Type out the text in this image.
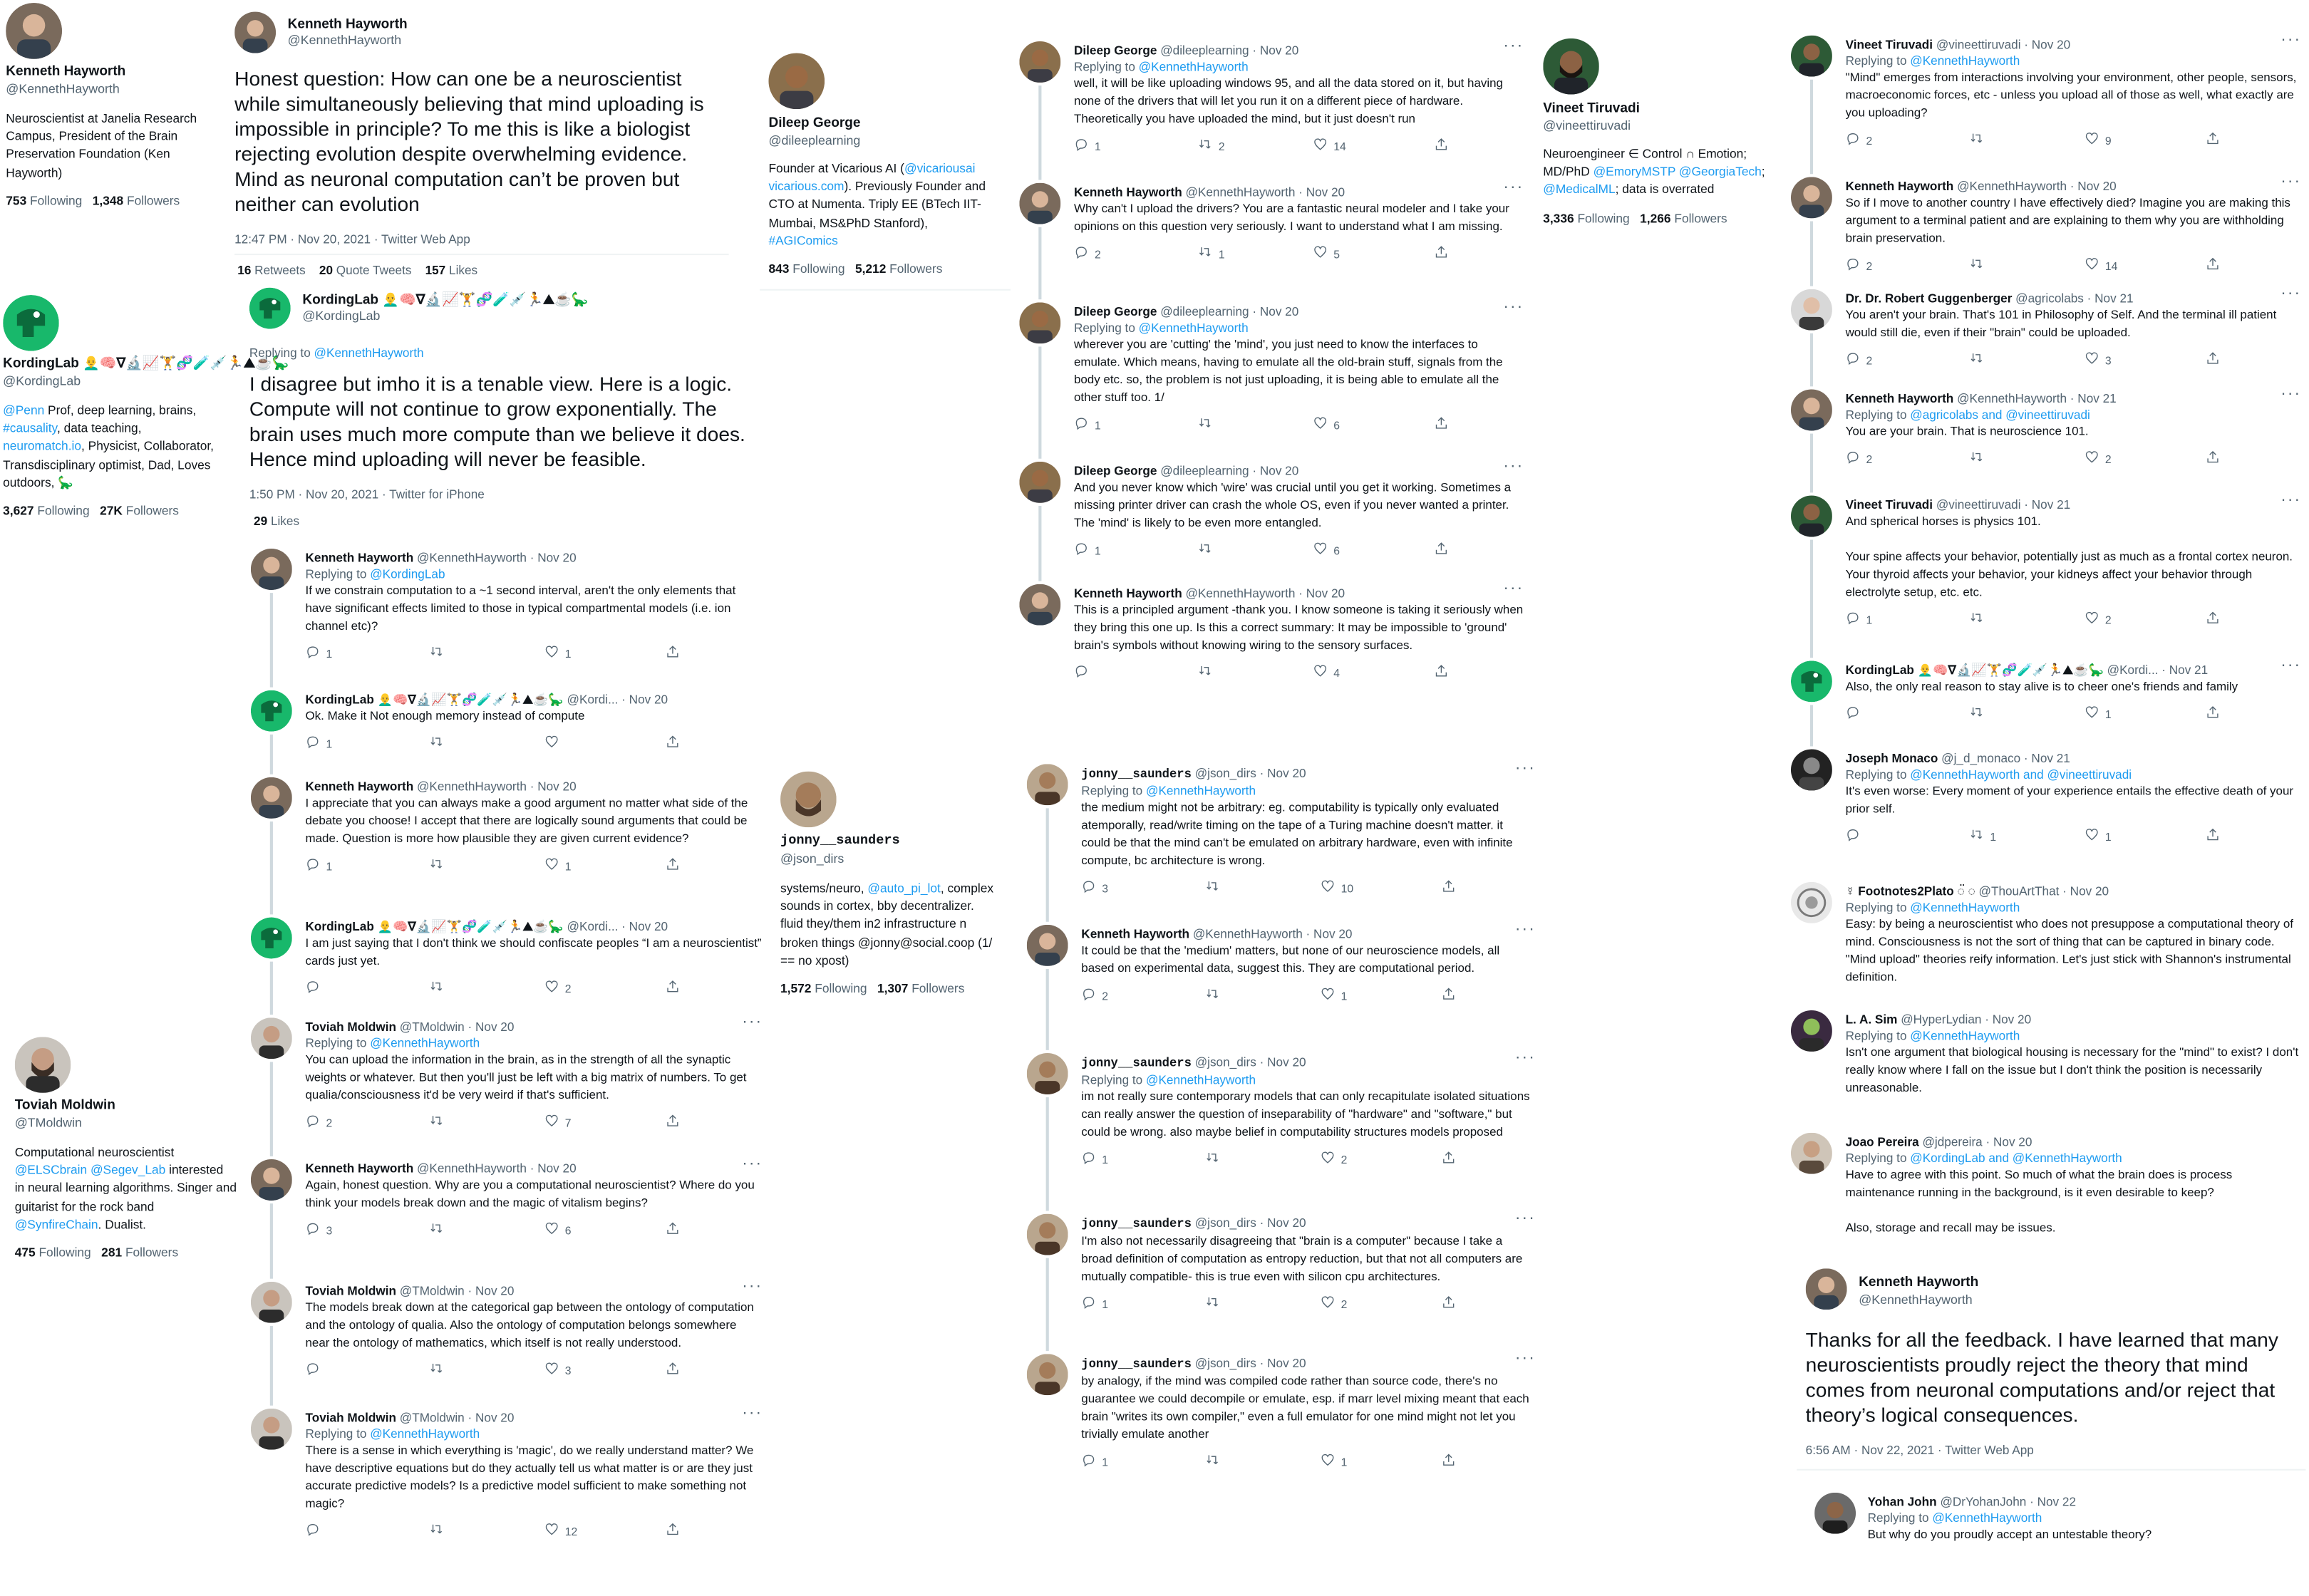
Kenneth Hayworth
@KennethHayworth
Neuroscientist at Janelia Research
Campus, President of the Brain
Preservation Foundation (Ken
Hayworth)
753 Following 1,348 Followers
KordingLab 👨‍🦲🧠∇🔬📈🏋🧬🧪💉🏃⛰☕🦕
@KordingLab
@Penn Prof, deep learning, brains,
#causality, data teaching,
neuromatch.io, Physicist, Collaborator,
Transdisciplinary optimist, Dad, Loves
outdoors, 🦕
3,627 Following 27K Followers
Toviah Moldwin
@TMoldwin
Computational neuroscientist
@ELSCbrain @Segev_Lab interested
in neural learning algorithms. Singer and
guitarist for the rock band
@SynfireChain. Dualist.
475 Following 281 Followers
Kenneth Hayworth
@KennethHayworth
Honest question: How can one be a neuroscientist while simultaneously believing that mind uploading is impossible in principle? To me this is like a biologist rejecting evolution despite overwhelming evidence. Mind as neuronal computation can’t be proven but neither can evolution
12:47 PM · Nov 20, 2021 · Twitter Web App
16 Retweets 20 Quote Tweets 157 Likes
KordingLab 👨‍🦲🧠∇🔬📈🏋🧬🧪💉🏃⛰☕🦕
@KordingLab
Replying to @KennethHayworth
I disagree but imho it is a tenable view. Here is a logic. Compute will not continue to grow exponentially. The brain uses much more compute than we believe it does. Hence mind uploading will never be feasible.
1:50 PM · Nov 20, 2021 · Twitter for iPhone
29 Likes
Kenneth Hayworth @KennethHayworth · Nov 20
Replying to @KordingLab
If we constrain computation to a ~1 second interval, aren't the only elements that have significant effects limited to those in typical compartmental models (i.e. ion channel etc)?
1	1
KordingLab 👨‍🦲🧠∇🔬📈🏋🧬🧪💉🏃⛰☕🦕 @Kordi... · Nov 20
Ok. Make it Not enough memory instead of compute
1
Kenneth Hayworth @KennethHayworth · Nov 20
I appreciate that you can always make a good argument no matter what side of the debate you choose! I accept that there are logically sound arguments that could be made. Question is more how plausible they are given current evidence?
1	1
KordingLab 👨‍🦲🧠∇🔬📈🏋🧬🧪💉🏃⛰☕🦕 @Kordi... · Nov 20
I am just saying that I don't think we should confiscate peoples “I am a neuroscientist” cards just yet.
2
Toviah Moldwin @TMoldwin · Nov 20
Replying to @KennethHayworth
You can upload the information in the brain, as in the strength of all the synaptic weights or whatever. But then you'll just be left with a big matrix of numbers. To get qualia/consciousness it'd be very weird if that's sufficient.
2	7
···
Kenneth Hayworth @KennethHayworth · Nov 20
Again, honest question. Why are you a computational neuroscientist? Where do you think your models break down and the magic of vitalism begins?
3	6
···
Toviah Moldwin @TMoldwin · Nov 20
The models break down at the categorical gap between the ontology of computation and the ontology of qualia. Also the ontology of computation belongs somewhere near the ontology of mathematics, which itself is not really understood.
3
···
Toviah Moldwin @TMoldwin · Nov 20
Replying to @KennethHayworth
There is a sense in which everything is 'magic', do we really understand matter? We have descriptive equations but do they actually tell us what matter is or are they just accurate predictive models? Is a predictive model sufficient to make something not magic?
12
···
Dileep George @dileeplearning · Nov 20
Replying to @KennethHayworth
well, it will be like uploading windows 95, and all the data stored on it, but having none of the drivers that will let you run it on a different piece of hardware. Theoretically you have uploaded the mind, but it just doesn't run
1	2	14
···
Kenneth Hayworth @KennethHayworth · Nov 20
Why can't I upload the drivers? You are a fantastic neural modeler and I take your opinions on this question very seriously. I want to understand what I am missing.
2	1	5
···
Dileep George @dileeplearning · Nov 20
Replying to @KennethHayworth
wherever you are 'cutting' the 'mind', you just need to know the interfaces to emulate. Which means, having to emulate all the old-brain stuff, signals from the body etc. so, the problem is not just uploading, it is being able to emulate all the other stuff too. 1/
1	6
···
Dileep George @dileeplearning · Nov 20
And you never know which 'wire' was crucial until you get it working. Sometimes a missing printer driver can crash the whole OS, even if you never wanted a printer. The 'mind' is likely to be even more entangled.
1	6
···
Kenneth Hayworth @KennethHayworth · Nov 20
This is a principled argument -thank you. I know someone is taking it seriously when they bring this one up. Is this a correct summary: It may be impossible to 'ground' brain's symbols without knowing wiring to the sensory surfaces.
4
···
jonny__saunders @json_dirs · Nov 20
Replying to @KennethHayworth
the medium might not be arbitrary: eg. computability is typically only evaluated atemporally, read/write timing on the tape of a Turing machine doesn't matter. it could be that the mind can't be emulated on arbitrary hardware, even with infinite compute, bc architecture is wrong.
3	10
···
Kenneth Hayworth @KennethHayworth · Nov 20
It could be that the 'medium' matters, but none of our neuroscience models, all based on experimental data, suggest this. They are computational period.
2	1
···
jonny__saunders @json_dirs · Nov 20
Replying to @KennethHayworth
im not really sure contemporary models that can only recapitulate isolated situations can really answer the question of inseparability of "hardware" and "software," but could be wrong. also maybe belief in computability structures models proposed
1	2
···
jonny__saunders @json_dirs · Nov 20
I'm also not necessarily disagreeing that "brain is a computer" because I take a broad definition of computation as entropy reduction, but that not all computers are mutually compatible- this is true even with silicon cpu architectures.
1	2
···
jonny__saunders @json_dirs · Nov 20
by analogy, if the mind was compiled code rather than source code, there's no guarantee we could decompile or emulate, esp. if marr level mixing meant that each brain "writes its own compiler," even a full emulator for one mind might not let you trivially emulate another
1	1
···
Vineet Tiruvadi @vineettiruvadi · Nov 20
Replying to @KennethHayworth
"Mind" emerges from interactions involving your environment, other people, sensors, macroeconomic forces, etc - unless you upload all of those as well, what exactly are you uploading?
2	9
···
Kenneth Hayworth @KennethHayworth · Nov 20
So if I move to another country I have effectively died? Imagine you are making this argument to a terminal patient and are explaining to them why you are withholding brain preservation.
2	14
···
Dr. Dr. Robert Guggenberger @agricolabs · Nov 21
You aren't your brain. That's 101 in Philosophy of Self. And the terminal ill patient would still die, even if their "brain" could be uploaded.
2	3
···
Kenneth Hayworth @KennethHayworth · Nov 21
Replying to @agricolabs and @vineettiruvadi
You are your brain. That is neuroscience 101.
2	2
···
Vineet Tiruvadi @vineettiruvadi · Nov 21
And spherical horses is physics 101.

Your spine affects your behavior, potentially just as much as a frontal cortex neuron. Your thyroid affects your behavior, your kidneys affect your behavior through electrolyte setup, etc. etc.
1	2
···
KordingLab 👨‍🦲🧠∇🔬📈🏋🧬🧪💉🏃⛰☕🦕 @Kordi... · Nov 21
Also, the only real reason to stay alive is to cheer one's friends and family
1
···
Joseph Monaco @j_d_monaco · Nov 21
Replying to @KennethHayworth and @vineettiruvadi
It's even worse: Every moment of your experience entails the effective death of your prior self.
1	1
☿ Footnotes2Plato ◌̈ ◌ @ThouArtThat · Nov 20
Replying to @KennethHayworth
Easy: by being a neuroscientist who does not presuppose a computational theory of mind. Consciousness is not the sort of thing that can be captured in binary code. "Mind upload" theories reify information. Let's just stick with Shannon's instrumental definition.
L. A. Sim @HyperLydian · Nov 20
Replying to @KennethHayworth
Isn't one argument that biological housing is necessary for the "mind" to exist? I don't really know where I fall on the issue but I don't think the position is necessarily unreasonable.
Joao Pereira @jdpereira · Nov 20
Replying to @KordingLab and @KennethHayworth
Have to agree with this point. So much of what the brain does is process maintenance running in the background, is it even desirable to keep?

Also, storage and recall may be issues.
Dileep George
@dileeplearning
Founder at Vicarious AI (@vicariousai
vicarious.com). Previously Founder and
CTO at Numenta. Triply EE (BTech IIT-
Mumbai, MS&PhD Stanford),
#AGIComics
843 Following 5,212 Followers
jonny__saunders
@json_dirs
systems/neuro, @auto_pi_lot, complex
sounds in cortex, bby decentralizer.
fluid they/them in2 infrastructure n
broken things @jonny@social.coop (1/
== no xpost)
1,572 Following 1,307 Followers
Vineet Tiruvadi
@vineettiruvadi
Neuroengineer ∈ Control ∩ Emotion;
MD/PhD @EmoryMSTP @GeorgiaTech;
@MedicalML; data is overrated
3,336 Following 1,266 Followers
Kenneth Hayworth
@KennethHayworth
Thanks for all the feedback. I have learned that many neuroscientists proudly reject the theory that mind comes from neuronal computations and/or reject that theory’s logical consequences.
6:56 AM · Nov 22, 2021 · Twitter Web App
Yohan John @DrYohanJohn · Nov 22
Replying to @KennethHayworth
But why do you proudly accept an untestable theory?
